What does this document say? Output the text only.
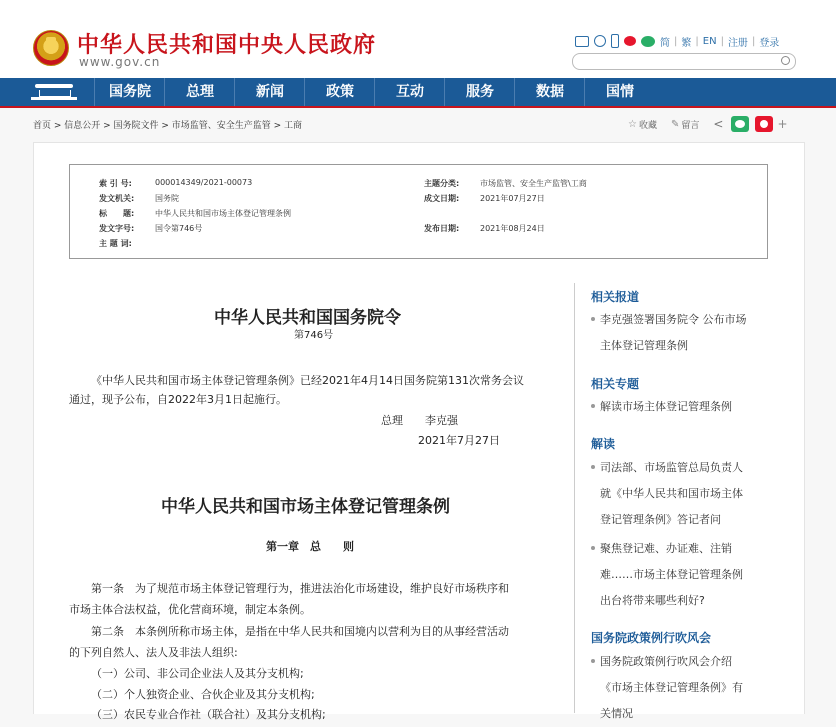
中华人民共和国中央人民政府
www.gov.cn
简 | 繁 | EN | 注册 | 登录
国务院	总理	新闻	政策	互动	服务	数据	国情
首页 > 信息公开 > 国务院文件 > 市场监管、安全生产监管 > 工商	☆ 收藏 ✎ 留言 <	+
索 引 号:	000014349/2021-00073
发文机关:	国务院
标　　题:	中华人民共和国市场主体登记管理条例
发文字号:	国令第746号
主 题 词:
主题分类:	市场监管、安全生产监管\工商
成文日期:	2021年07月27日
发布日期:	2021年08月24日
中华人民共和国国务院令
第746号
《中华人民共和国市场主体登记管理条例》已经2021年4月14日国务院第131次常务会议
通过，现予公布，自2022年3月1日起施行。
总理　　李克强
2021年7月27日
中华人民共和国市场主体登记管理条例
第一章　总　　则
第一条　为了规范市场主体登记管理行为，推进法治化市场建设，维护良好市场秩序和
市场主体合法权益，优化营商环境，制定本条例。
第二条　本条例所称市场主体，是指在中华人民共和国境内以营利为目的从事经营活动
的下列自然人、法人及非法人组织:
（一）公司、非公司企业法人及其分支机构;
（二）个人独资企业、合伙企业及其分支机构;
（三）农民专业合作社（联合社）及其分支机构;
相关报道
李克强签署国务院令 公布市场
主体登记管理条例
相关专题
解读市场主体登记管理条例
解读
司法部、市场监管总局负责人
就《中华人民共和国市场主体
登记管理条例》答记者问
聚焦登记难、办证难、注销
难……市场主体登记管理条例
出台将带来哪些利好?
国务院政策例行吹风会
国务院政策例行吹风会介绍
《市场主体登记管理条例》有
关情况
